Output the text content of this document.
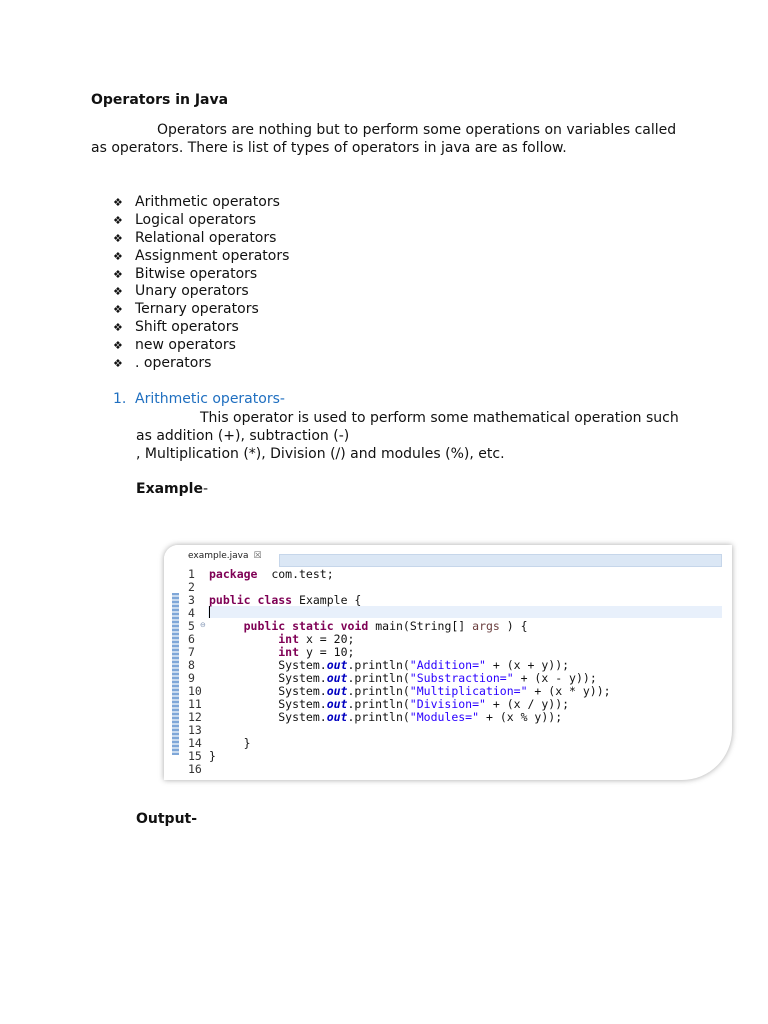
Operators in Java
Operators are nothing but to perform some operations on variables called as operators. There is list of types of operators in java are as follow.
❖ Arithmetic operators
❖ Logical operators
❖ Relational operators
❖ Assignment operators
❖ Bitwise operators
❖ Unary operators
❖ Ternary operators
❖ Shift operators
❖ new operators
❖ . operators
1. Arithmetic operators-
This operator is used to perform some mathematical operation such as addition (+), subtraction (-)
, Multiplication (*), Division (/) and modules (%), etc.
Example-
example.java ☒
⊖
1 package  com.test;
2
3 public class Example {
4
5	public static void main(String[] args ) {
6	int x = 20;
7	int y = 10;
8          System.out.println("Addition=" + (x + y));
9          System.out.println("Substraction=" + (x - y));
10          System.out.println("Multiplication=" + (x * y));
11          System.out.println("Division=" + (x / y));
12          System.out.println("Modules=" + (x % y));
13
14     }
15 }
16
Output-
